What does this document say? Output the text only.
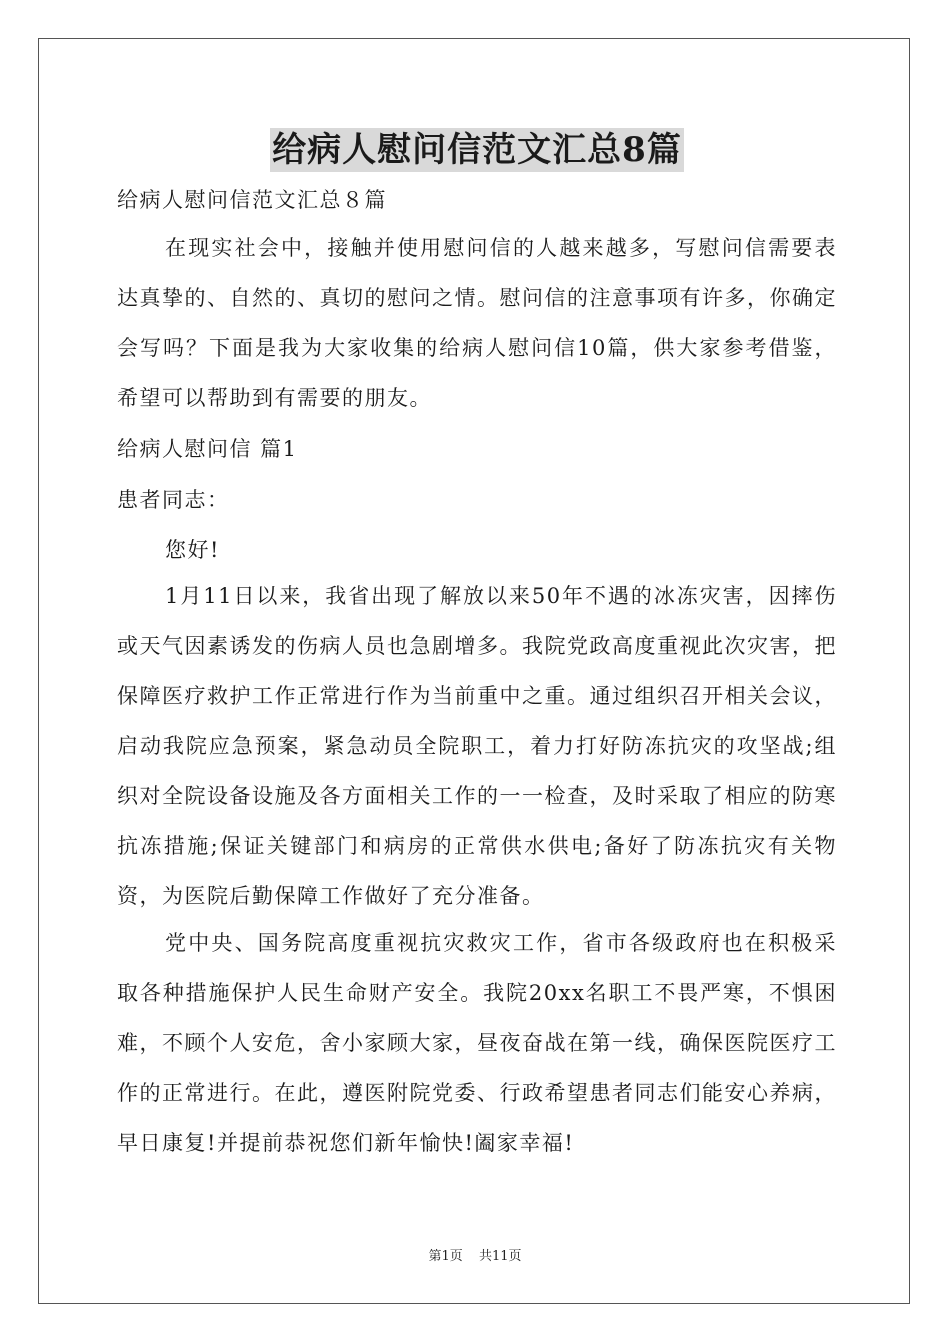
给病人慰问信范文汇总8篇
给病人慰问信范文汇总８篇
在现实社会中，接触并使用慰问信的人越来越多，写慰问信需要表达真挚的、自然的、真切的慰问之情。慰问信的注意事项有许多，你确定会写吗？下面是我为大家收集的给病人慰问信10篇，供大家参考借鉴，希望可以帮助到有需要的朋友。
给病人慰问信 篇1
患者同志：
您好!
1月11日以来，我省出现了解放以来50年不遇的冰冻灾害，因摔伤或天气因素诱发的伤病人员也急剧增多。我院党政高度重视此次灾害，把保障医疗救护工作正常进行作为当前重中之重。通过组织召开相关会议，启动我院应急预案，紧急动员全院职工，着力打好防冻抗灾的攻坚战;组织对全院设备设施及各方面相关工作的一一检查，及时采取了相应的防寒抗冻措施;保证关键部门和病房的正常供水供电;备好了防冻抗灾有关物资，为医院后勤保障工作做好了充分准备。
党中央、国务院高度重视抗灾救灾工作，省市各级政府也在积极采取各种措施保护人民生命财产安全。我院20xx名职工不畏严寒，不惧困难，不顾个人安危，舍小家顾大家，昼夜奋战在第一线，确保医院医疗工作的正常进行。在此，遵医附院党委、行政希望患者同志们能安心养病，早日康复!并提前恭祝您们新年愉快!阖家幸福!
第1页 共11页
